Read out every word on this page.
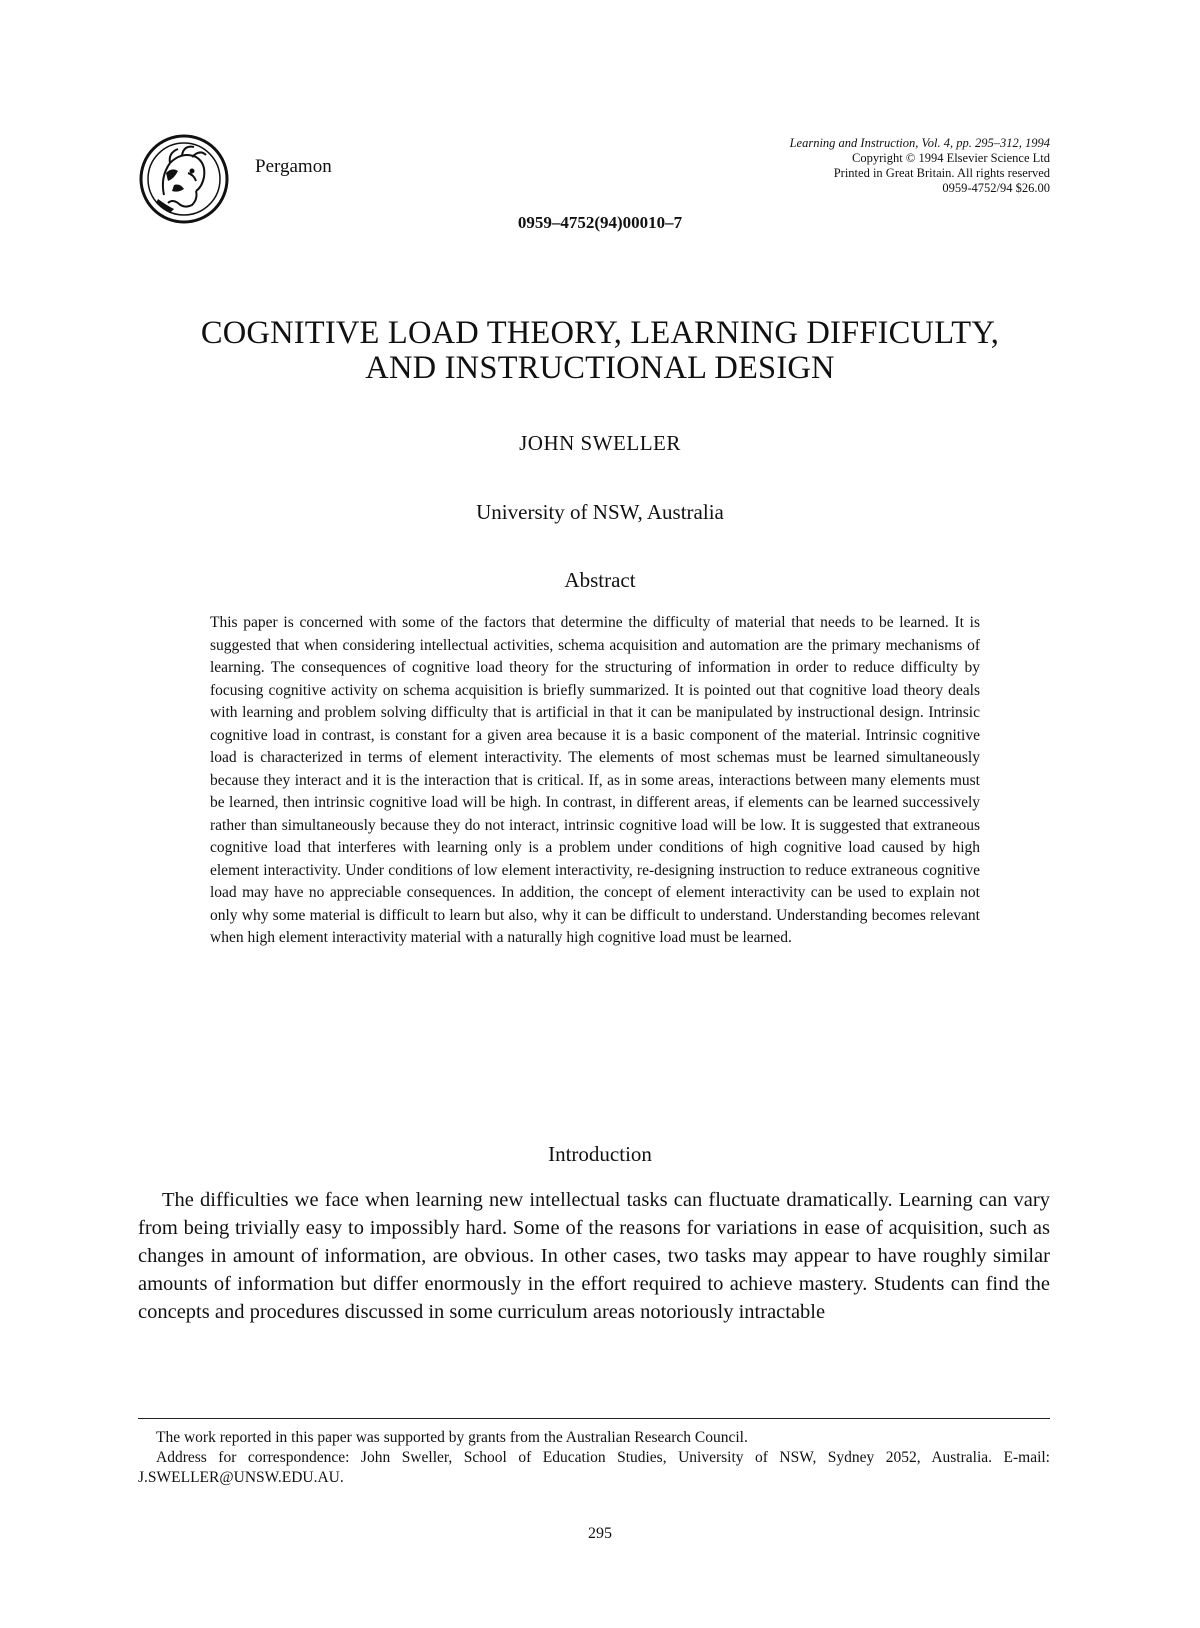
Pergamon
Learning and Instruction, Vol. 4, pp. 295–312, 1994
Copyright © 1994 Elsevier Science Ltd
Printed in Great Britain. All rights reserved
0959-4752/94 $26.00
0959–4752(94)00010–7
COGNITIVE LOAD THEORY, LEARNING DIFFICULTY,
AND INSTRUCTIONAL DESIGN
JOHN SWELLER
University of NSW, Australia
Abstract

This paper is concerned with some of the factors that determine the difficulty of material that needs to be learned. It is suggested that when considering intellectual activities, schema acquisition and automation are the primary mechanisms of learning. The consequences of cognitive load theory for the structuring of information in order to reduce difficulty by focusing cognitive activity on schema acquisition is briefly summarized. It is pointed out that cognitive load theory deals with learning and problem solving difficulty that is artificial in that it can be manipulated by instructional design. Intrinsic cognitive load in contrast, is constant for a given area because it is a basic component of the material. Intrinsic cognitive load is characterized in terms of element interactivity. The elements of most schemas must be learned simultaneously because they interact and it is the interaction that is critical. If, as in some areas, interactions between many elements must be learned, then intrinsic cognitive load will be high. In contrast, in different areas, if elements can be learned successively rather than simultaneously because they do not interact, intrinsic cognitive load will be low. It is suggested that extraneous cognitive load that interferes with learning only is a problem under conditions of high cognitive load caused by high element interactivity. Under conditions of low element interactivity, re-designing instruction to reduce extraneous cognitive load may have no appreciable consequences. In addition, the concept of element interactivity can be used to explain not only why some material is difficult to learn but also, why it can be difficult to understand. Understanding becomes relevant when high element interactivity material with a naturally high cognitive load must be learned.

Introduction

The difficulties we face when learning new intellectual tasks can fluctuate dramatically. Learning can vary from being trivially easy to impossibly hard. Some of the reasons for variations in ease of acquisition, such as changes in amount of information, are obvious. In other cases, two tasks may appear to have roughly similar amounts of information but differ enormously in the effort required to achieve mastery. Students can find the concepts and procedures discussed in some curriculum areas notoriously intractable

The work reported in this paper was supported by grants from the Australian Research Council.

Address for correspondence: John Sweller, School of Education Studies, University of NSW, Sydney 2052, Australia. E-mail: J.SWELLER@UNSW.EDU.AU.

295
